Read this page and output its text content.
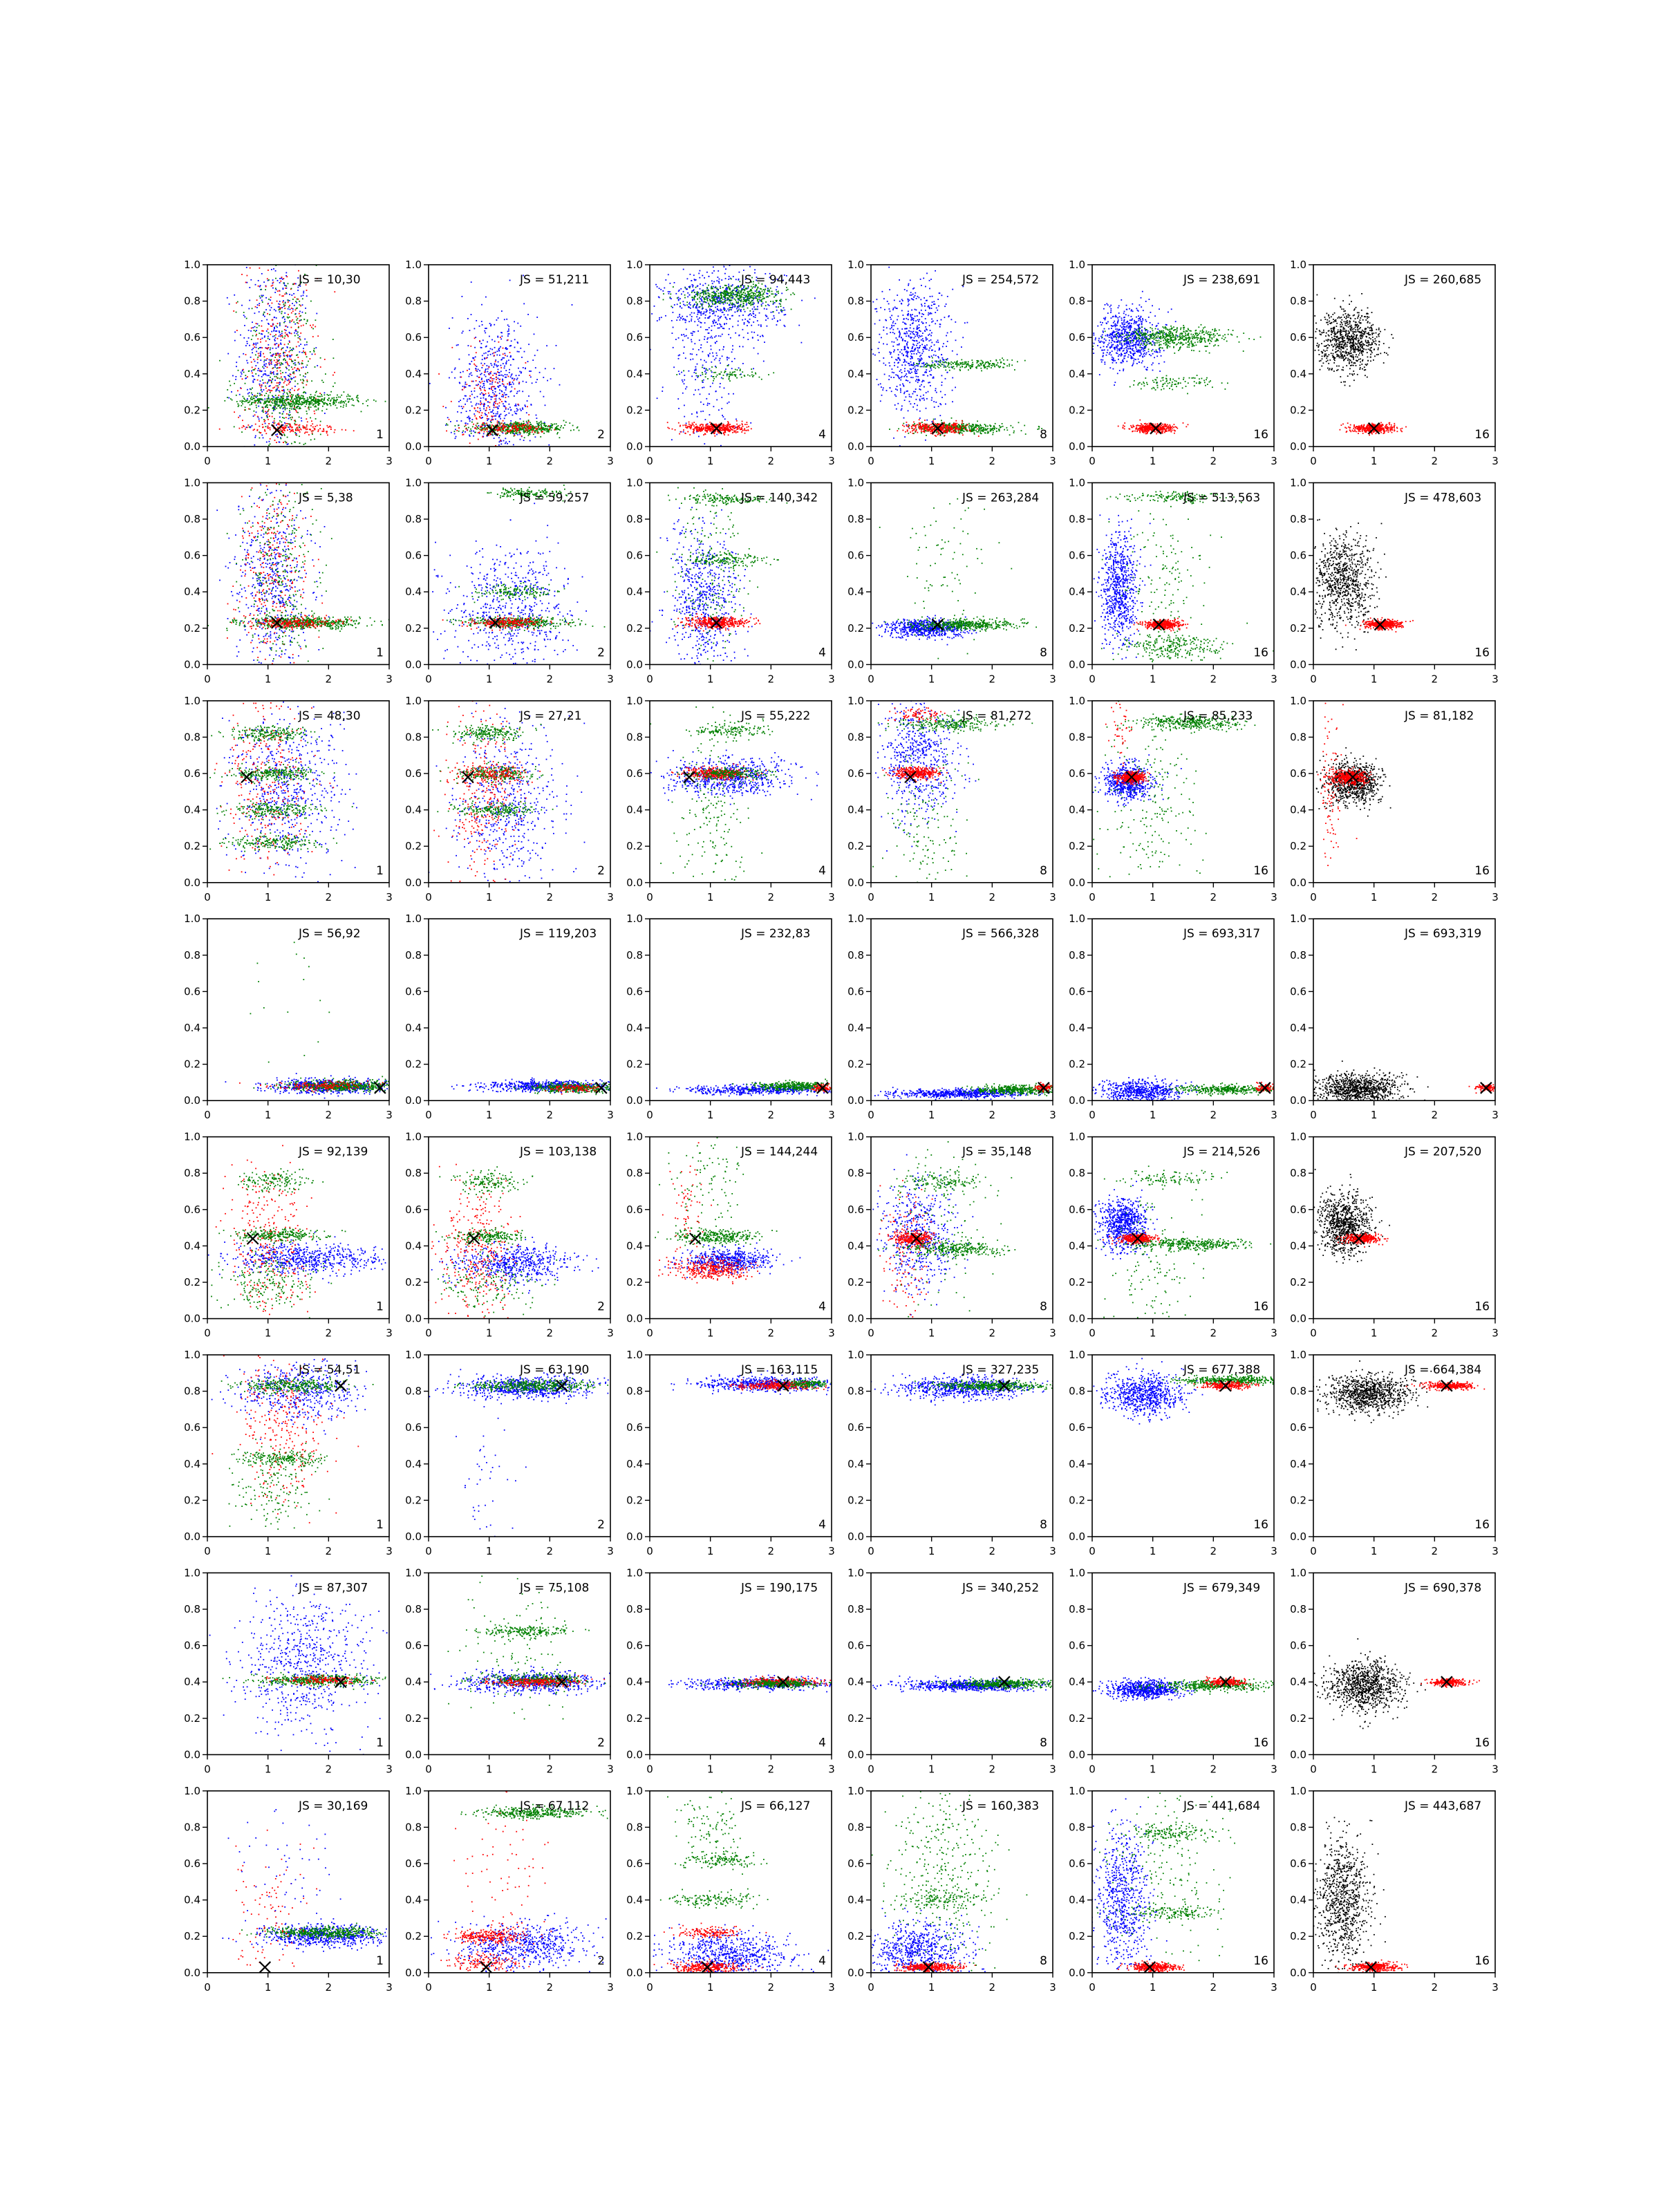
0	1	2	3
0.0
0.2
0.4
0.6
0.8
1.0
JS = 10,30
1
0	1	2	3
0.0
0.2
0.4
0.6
0.8
1.0
JS = 51,211
2
0	1	2	3
0.0
0.2
0.4
0.6
0.8
1.0
JS = 94,443
4
0	1	2	3
0.0
0.2
0.4
0.6
0.8
1.0
JS = 254,572
8
0	1	2	3
0.0
0.2
0.4
0.6
0.8
1.0
JS = 238,691
16
0	1	2	3
0.0
0.2
0.4
0.6
0.8
1.0
JS = 260,685
16
0	1	2	3
0.0
0.2
0.4
0.6
0.8
1.0
JS = 5,38
1
0	1	2	3
0.0
0.2
0.4
0.6
0.8
1.0
JS = 59,257
2
0	1	2	3
0.0
0.2
0.4
0.6
0.8
1.0
JS = 140,342
4
0	1	2	3
0.0
0.2
0.4
0.6
0.8
1.0
JS = 263,284
8
0	1	2	3
0.0
0.2
0.4
0.6
0.8
1.0
JS = 513,563
16
0	1	2	3
0.0
0.2
0.4
0.6
0.8
1.0
JS = 478,603
16
0	1	2	3
0.0
0.2
0.4
0.6
0.8
1.0
JS = 48,30
1
0	1	2	3
0.0
0.2
0.4
0.6
0.8
1.0
JS = 27,21
2
0	1	2	3
0.0
0.2
0.4
0.6
0.8
1.0
JS = 55,222
4
0	1	2	3
0.0
0.2
0.4
0.6
0.8
1.0
JS = 81,272
8
0	1	2	3
0.0
0.2
0.4
0.6
0.8
1.0
JS = 85,233
16
0	1	2	3
0.0
0.2
0.4
0.6
0.8
1.0
JS = 81,182
16
0	1	2	3
0.0
0.2
0.4
0.6
0.8
1.0
JS = 56,92
0	1	2	3
0.0
0.2
0.4
0.6
0.8
1.0
JS = 119,203
0	1	2	3
0.0
0.2
0.4
0.6
0.8
1.0
JS = 232,83
0	1	2	3
0.0
0.2
0.4
0.6
0.8
1.0
JS = 566,328
0	1	2	3
0.0
0.2
0.4
0.6
0.8
1.0
JS = 693,317
0	1	2	3
0.0
0.2
0.4
0.6
0.8
1.0
JS = 693,319
0	1	2	3
0.0
0.2
0.4
0.6
0.8
1.0
JS = 92,139
1
0	1	2	3
0.0
0.2
0.4
0.6
0.8
1.0
JS = 103,138
2
0	1	2	3
0.0
0.2
0.4
0.6
0.8
1.0
JS = 144,244
4
0	1	2	3
0.0
0.2
0.4
0.6
0.8
1.0
JS = 35,148
8
0	1	2	3
0.0
0.2
0.4
0.6
0.8
1.0
JS = 214,526
16
0	1	2	3
0.0
0.2
0.4
0.6
0.8
1.0
JS = 207,520
16
0	1	2	3
0.0
0.2
0.4
0.6
0.8
1.0
JS = 54,51
1
0	1	2	3
0.0
0.2
0.4
0.6
0.8
1.0
JS = 63,190
2
0	1	2	3
0.0
0.2
0.4
0.6
0.8
1.0
JS = 163,115
4
0	1	2	3
0.0
0.2
0.4
0.6
0.8
1.0
JS = 327,235
8
0	1	2	3
0.0
0.2
0.4
0.6
0.8
1.0
JS = 677,388
16
0	1	2	3
0.0
0.2
0.4
0.6
0.8
1.0
JS = 664,384
16
0	1	2	3
0.0
0.2
0.4
0.6
0.8
1.0
JS = 87,307
1
0	1	2	3
0.0
0.2
0.4
0.6
0.8
1.0
JS = 75,108
2
0	1	2	3
0.0
0.2
0.4
0.6
0.8
1.0
JS = 190,175
4
0	1	2	3
0.0
0.2
0.4
0.6
0.8
1.0
JS = 340,252
8
0	1	2	3
0.0
0.2
0.4
0.6
0.8
1.0
JS = 679,349
16
0	1	2	3
0.0
0.2
0.4
0.6
0.8
1.0
JS = 690,378
16
0	1	2	3
0.0
0.2
0.4
0.6
0.8
1.0
JS = 30,169
1
0	1	2	3
0.0
0.2
0.4
0.6
0.8
1.0
JS = 67,112
2
0	1	2	3
0.0
0.2
0.4
0.6
0.8
1.0
JS = 66,127
4
0	1	2	3
0.0
0.2
0.4
0.6
0.8
1.0
JS = 160,383
8
0	1	2	3
0.0
0.2
0.4
0.6
0.8
1.0
JS = 441,684
16
0	1	2	3
0.0
0.2
0.4
0.6
0.8
1.0
JS = 443,687
16
